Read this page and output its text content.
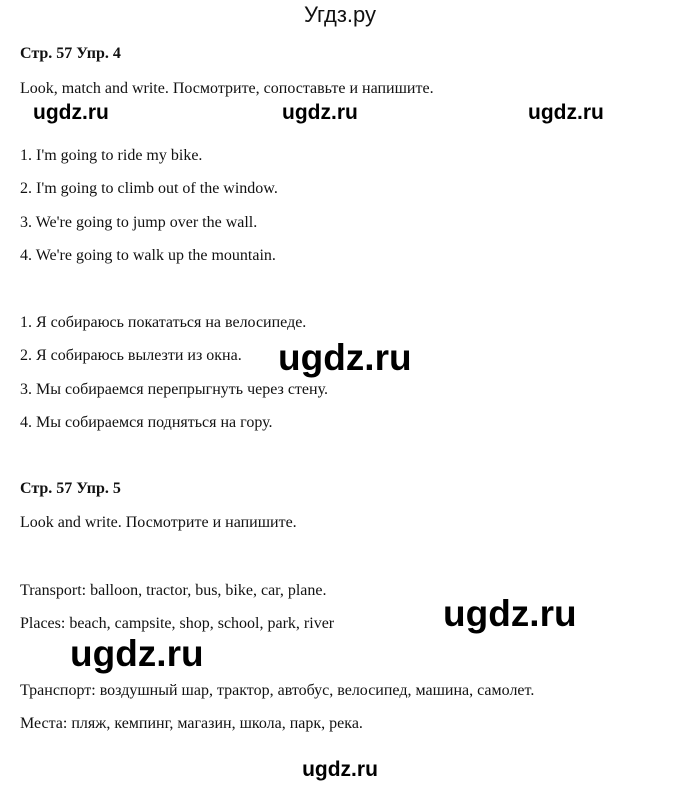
Угдз.ру
Стр. 57 Упр. 4
Look, match and write. Посмотрите, сопоставьте и напишите.
ugdz.ru	ugdz.ru	ugdz.ru
1. I'm going to ride my bike.
2. I'm going to climb out of the window.
3. We're going to jump over the wall.
4. We're going to walk up the mountain.
1. Я собираюсь покататься на велосипеде.
2. Я собираюсь вылезти из окна. ugdz.ru
3. Мы собираемся перепрыгнуть через стену.
4. Мы собираемся подняться на гору.
Стр. 57 Упр. 5
Look and write. Посмотрите и напишите.
Transport: balloon, tractor, bus, bike, car, plane.
ugdz.ru
Places: beach, campsite, shop, school, park, river
ugdz.ru
Транспорт: воздушный шар, трактор, автобус, велосипед, машина, самолет.
Места: пляж, кемпинг, магазин, школа, парк, река.
ugdz.ru
